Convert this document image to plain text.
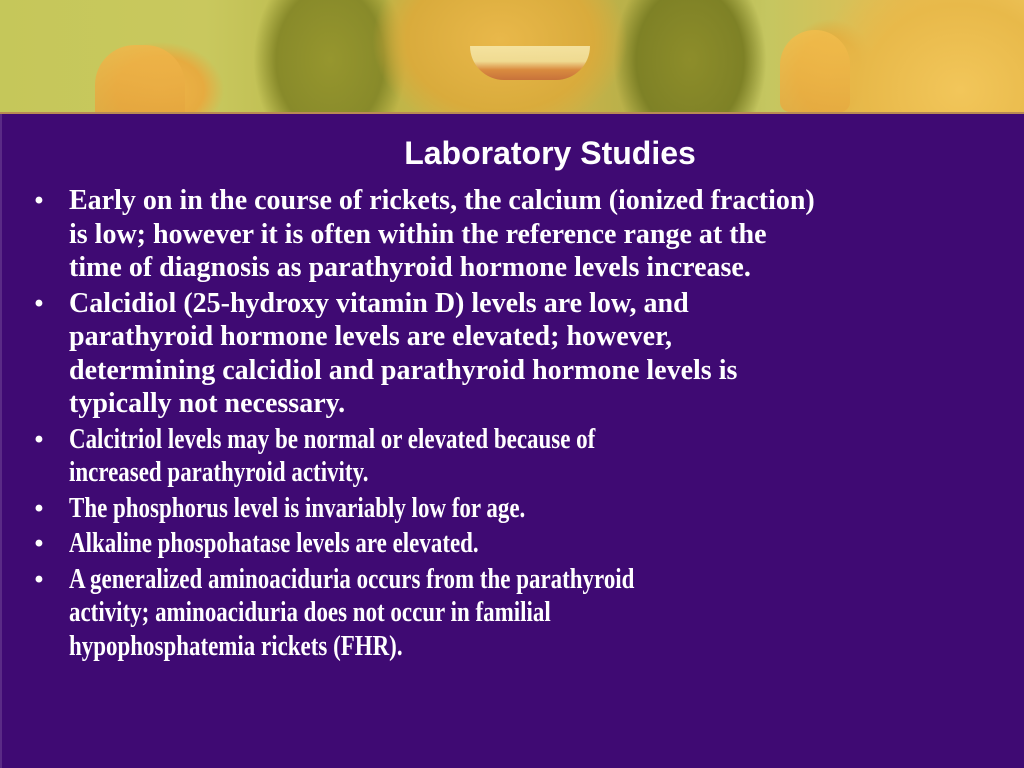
Laboratory Studies
• Early on in the course of rickets, the calcium (ionized fraction)
is low; however it is often within the reference range at the
time of diagnosis as parathyroid hormone levels increase.
• Calcidiol (25-hydroxy vitamin D) levels are low, and
parathyroid hormone levels are elevated; however,
determining calcidiol and parathyroid hormone levels is
typically not necessary.
• Calcitriol levels may be normal or elevated because of
increased parathyroid activity.
• The phosphorus level is invariably low for age.
• Alkaline phospohatase levels are elevated.
• A generalized aminoaciduria occurs from the parathyroid
activity; aminoaciduria does not occur in familial
hypophosphatemia rickets (FHR).
